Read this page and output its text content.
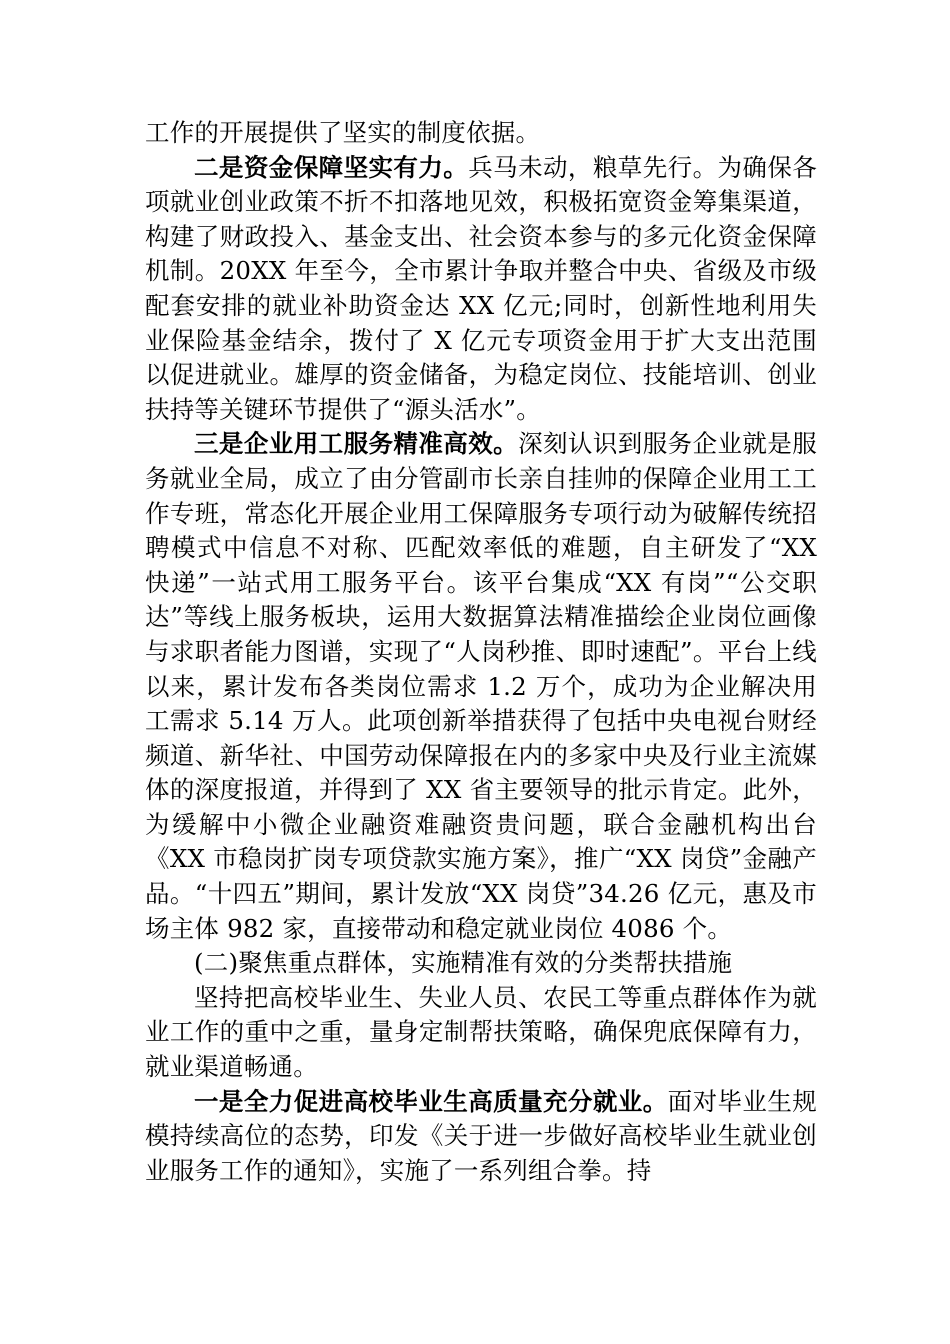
工作的开展提供了坚实的制度依据。

二是资金保障坚实有力。兵马未动，粮草先行。为确保各项就业创业政策不折不扣落地见效，积极拓宽资金筹集渠道，构建了财政投入、基金支出、社会资本参与的多元化资金保障机制。20XX 年至今，全市累计争取并整合中央、省级及市级配套安排的就业补助资金达 XX 亿元;同时，创新性地利用失业保险基金结余，拨付了 X 亿元专项资金用于扩大支出范围以促进就业。雄厚的资金储备，为稳定岗位、技能培训、创业扶持等关键环节提供了“源头活水”。

三是企业用工服务精准高效。深刻认识到服务企业就是服务就业全局，成立了由分管副市长亲自挂帅的保障企业用工工作专班，常态化开展企业用工保障服务专项行动为破解传统招聘模式中信息不对称、匹配效率低的难题，自主研发了“XX 快递”一站式用工服务平台。该平台集成“XX 有岗”“公交职达”等线上服务板块，运用大数据算法精准描绘企业岗位画像与求职者能力图谱，实现了“人岗秒推、即时速配”。平台上线以来，累计发布各类岗位需求 1.2 万个，成功为企业解决用工需求 5.14 万人。此项创新举措获得了包括中央电视台财经频道、新华社、中国劳动保障报在内的多家中央及行业主流媒体的深度报道，并得到了 XX 省主要领导的批示肯定。此外，为缓解中小微企业融资难融资贵问题，联合金融机构出台《XX 市稳岗扩岗专项贷款实施方案》，推广“XX 岗贷”金融产品。“十四五”期间，累计发放“XX 岗贷”34.26 亿元，惠及市场主体 982 家，直接带动和稳定就业岗位 4086 个。

(二)聚焦重点群体，实施精准有效的分类帮扶措施

坚持把高校毕业生、失业人员、农民工等重点群体作为就业工作的重中之重，量身定制帮扶策略，确保兜底保障有力，就业渠道畅通。

一是全力促进高校毕业生高质量充分就业。面对毕业生规模持续高位的态势，印发《关于进一步做好高校毕业生就业创业服务工作的通知》，实施了一系列组合拳。持
